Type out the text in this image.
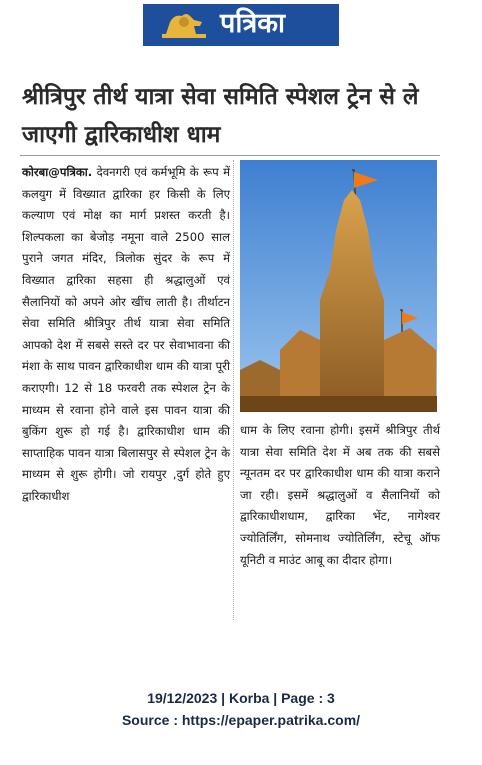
पत्रिका
श्रीत्रिपुर तीर्थ यात्रा सेवा समिति स्पेशल ट्रेन से ले जाएगी द्वारिकाधीश धाम

कोरबा@पत्रिका. देवनगरी एवं कर्मभूमि के रूप में कलयुग में विख्यात द्वारिका हर किसी के लिए कल्याण एवं मोक्ष का मार्ग प्रशस्त करती है। शिल्पकला का बेजोड़ नमूना वाले 2500 साल पुराने जगत मंदिर, त्रिलोक सुंदर के रूप में विख्यात द्वारिका सहसा ही श्रद्धालुओं एवं सैलानियों को अपने ओर खींच लाती है। तीर्थाटन सेवा समिति श्रीत्रिपुर तीर्थ यात्रा सेवा समिति आपको देश में सबसे सस्ते दर पर सेवाभावना की मंशा के साथ पावन द्वारिकाधीश धाम की यात्रा पूरी कराएगी। 12 से 18 फरवरी तक स्पेशल ट्रेन के माध्यम से रवाना होने वाले इस पावन यात्रा की बुकिंग शुरू हो गई है। द्वारिकाधीश धाम की साप्ताहिक पावन यात्रा बिलासपुर से स्पेशल ट्रेन के माध्यम से शुरू होगी। जो रायपुर ,दुर्ग होते हुए द्वारिकाधीश

धाम के लिए रवाना होगी। इसमें श्रीत्रिपुर तीर्थ यात्रा सेवा समिति देश में अब तक की सबसे न्यूनतम दर पर द्वारिकाधीश धाम की यात्रा कराने जा रही। इसमें श्रद्धालुओं व सैलानियों को द्वारिकाधीशधाम, द्वारिका भेंट, नागेश्वर ज्योतिर्लिंग, सोमनाथ ज्योतिर्लिंग, स्टेचू ऑफ यूनिटी व माउंट आबू का दीदार होगा।

19/12/2023 | Korba | Page : 3
Source : https://epaper.patrika.com/
